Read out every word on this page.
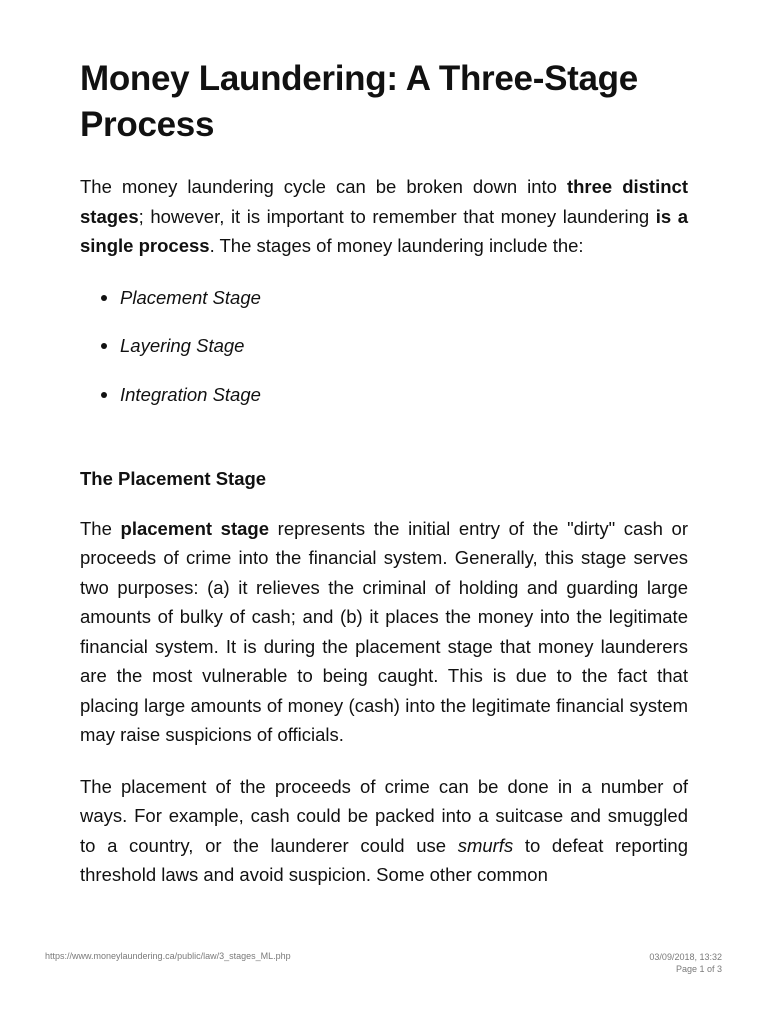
Money Laundering: A Three-Stage Process

The money laundering cycle can be broken down into three distinct stages; however, it is important to remember that money laundering is a single process. The stages of money laundering include the:

Placement Stage
Layering Stage
Integration Stage
The Placement Stage

The placement stage represents the initial entry of the "dirty" cash or proceeds of crime into the financial system. Generally, this stage serves two purposes: (a) it relieves the criminal of holding and guarding large amounts of bulky of cash; and (b) it places the money into the legitimate financial system. It is during the placement stage that money launderers are the most vulnerable to being caught. This is due to the fact that placing large amounts of money (cash) into the legitimate financial system may raise suspicions of officials.

The placement of the proceeds of crime can be done in a number of ways. For example, cash could be packed into a suitcase and smuggled to a country, or the launderer could use smurfs to defeat reporting threshold laws and avoid suspicion. Some other common

https://www.moneylaundering.ca/public/law/3_stages_ML.php	03/09/2018, 13:32
Page 1 of 3
